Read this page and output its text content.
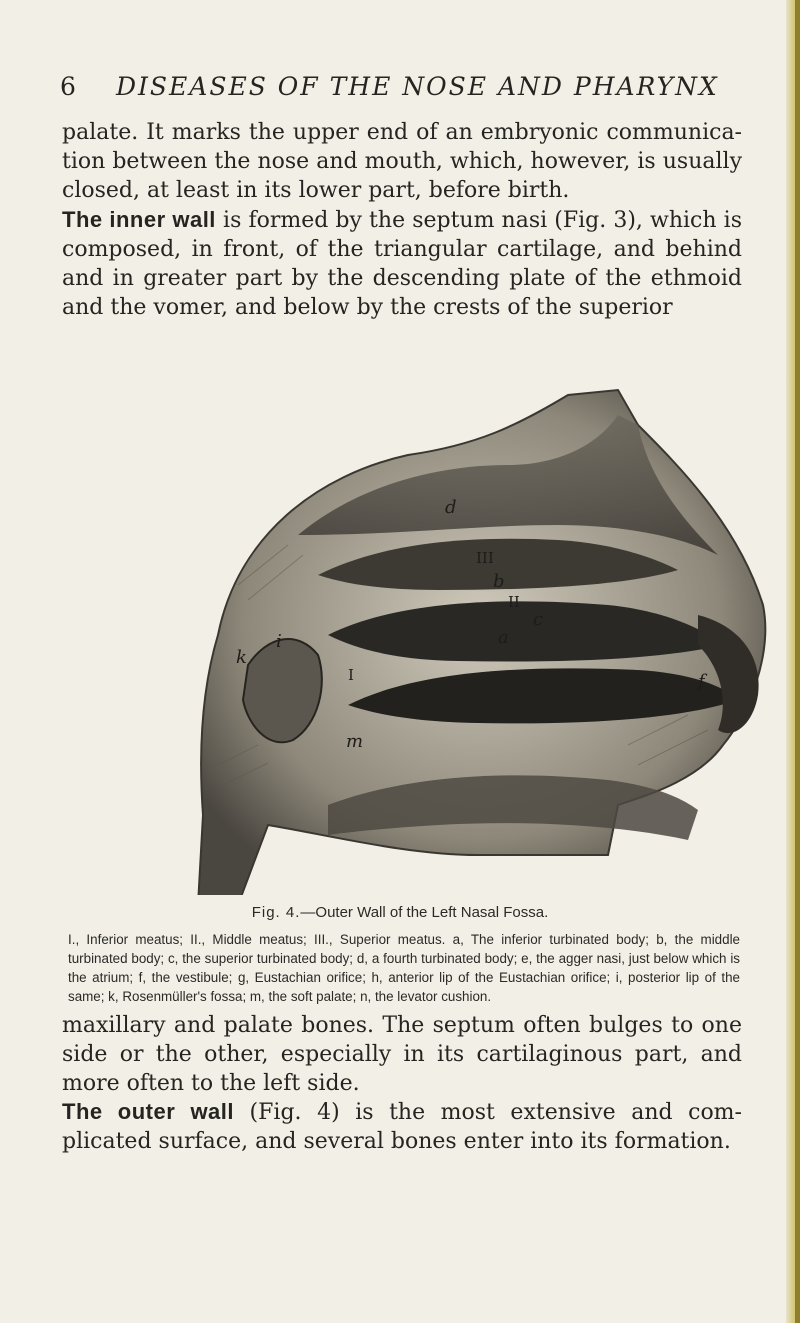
6 DISEASES OF THE NOSE AND PHARYNX

palate. It marks the upper end of an embryonic communica-tion between the nose and mouth, which, however, is usually closed, at least in its lower part, before birth.

The inner wall is formed by the septum nasi (Fig. 3), which is composed, in front, of the triangular cartilage, and behind and in greater part by the descending plate of the ethmoid and the vomer, and below by the crests of the superior

d
III
b
II
c
a
k
i
f
I
m
Fig. 4.—Outer Wall of the Left Nasal Fossa.

I., Inferior meatus; II., Middle meatus; III., Superior meatus. a, The inferior turbinated body; b, the middle turbinated body; c, the superior turbinated body; d, a fourth turbinated body; e, the agger nasi, just below which is the atrium; f, the vestibule; g, Eustachian orifice; h, anterior lip of the Eustachian orifice; i, posterior lip of the same; k, Rosenmüller's fossa; m, the soft palate; n, the levator cushion.

maxillary and palate bones. The septum often bulges to one side or the other, especially in its cartilaginous part, and more often to the left side.

The outer wall (Fig. 4) is the most extensive and com-plicated surface, and several bones enter into its formation.
